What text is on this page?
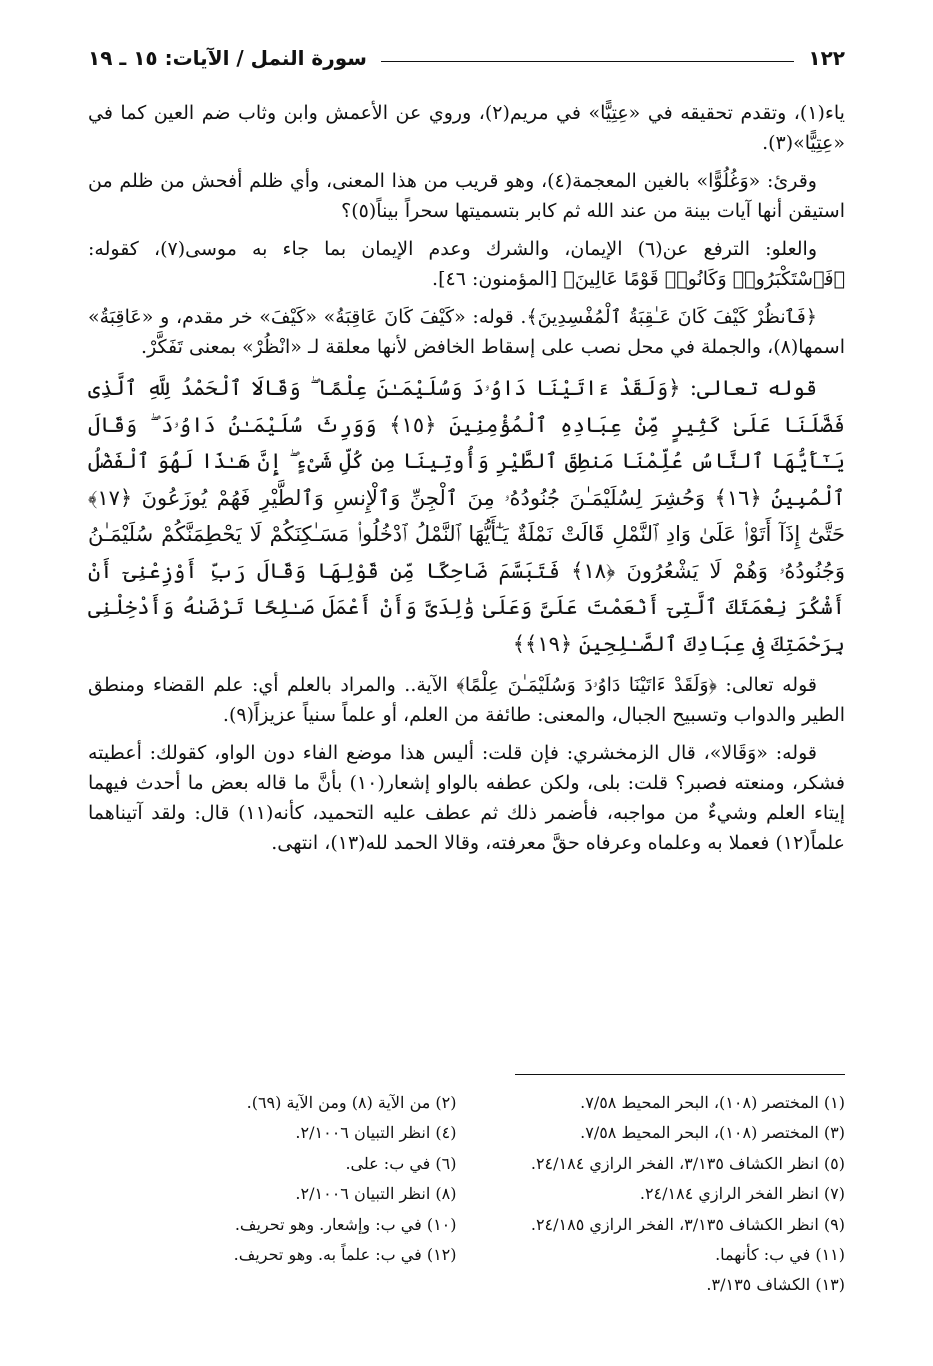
١٢٢
سورة النمل / الآيات: ١٥ ـ ١٩

ياء(١)، وتقدم تحقيقه في «عِتِيًّا» في مريم(٢)، وروي عن الأعمش وابن وثاب ضم العين كما في «عِتِيًّا»(٣).

وقرئ: «وَغُلُوًّا» بالغين المعجمة(٤)، وهو قريب من هذا المعنى، وأي ظلم أفحش من ظلم من استيقن أنها آيات بينة من عند الله ثم كابر بتسميتها سحراً بيناً(٥)؟

والعلو: الترفع عن(٦) الإيمان، والشرك وعدم الإيمان بما جاء به موسى(٧)، كقوله: ﴿فَٱسْتَكْبَرُوا۟ وَكَانُوا۟ قَوْمًا عَالِينَ﴾ [المؤمنون: ٤٦].

﴿فَٱنظُرْ كَيْفَ كَانَ عَـٰقِبَةُ ٱلْمُفْسِدِينَ﴾. قوله: «كَيْفَ كَانَ عَاقِبَةُ» «كَيْفَ» خر مقدم، و «عَاقِبَةُ» اسمها(٨)، والجملة في محل نصب على إسقاط الخافض لأنها معلقة لـ «انْظُرْ» بمعنى تَفَكَّرْ.

قوله تعالى: ﴿وَلَقَدْ ءَاتَيْنَا دَاوُۥدَ وَسُلَيْمَـٰنَ عِلْمًا ۖ وَقَالَا ٱلْحَمْدُ لِلَّهِ ٱلَّذِى فَضَّلَنَا عَلَىٰ كَثِيرٍ مِّنْ عِبَادِهِ ٱلْمُؤْمِنِينَ ﴿١٥﴾ وَوَرِثَ سُلَيْمَـٰنُ دَاوُۥدَ ۖ وَقَالَ يَـٰٓأَيُّهَا ٱلنَّاسُ عُلِّمْنَا مَنطِقَ ٱلطَّيْرِ وَأُوتِينَا مِن كُلِّ شَىْءٍ ۖ إِنَّ هَـٰذَا لَهُوَ ٱلْفَضْلُ ٱلْمُبِينُ ﴿١٦﴾ وَحُشِرَ لِسُلَيْمَـٰنَ جُنُودُهُۥ مِنَ ٱلْجِنِّ وَٱلْإِنسِ وَٱلطَّيْرِ فَهُمْ يُوزَعُونَ ﴿١٧﴾ حَتَّىٰٓ إِذَآ أَتَوْا۟ عَلَىٰ وَادِ ٱلنَّمْلِ قَالَتْ نَمْلَةٌ يَـٰٓأَيُّهَا ٱلنَّمْلُ ٱدْخُلُوا۟ مَسَـٰكِنَكُمْ لَا يَحْطِمَنَّكُمْ سُلَيْمَـٰنُ وَجُنُودُهُۥ وَهُمْ لَا يَشْعُرُونَ ﴿١٨﴾ فَتَبَسَّمَ ضَاحِكًا مِّن قَوْلِهَا وَقَالَ رَبِّ أَوْزِعْنِىٓ أَنْ أَشْكُرَ نِعْمَتَكَ ٱلَّتِىٓ أَنْعَمْتَ عَلَىَّ وَعَلَىٰ وَٰلِدَىَّ وَأَنْ أَعْمَلَ صَـٰلِحًا تَرْضَىٰهُ وَأَدْخِلْنِى بِرَحْمَتِكَ فِى عِبَادِكَ ٱلصَّـٰلِحِينَ ﴿١٩﴾﴾

قوله تعالى: ﴿وَلَقَدْ ءَاتَيْنَا دَاوُۥدَ وَسُلَيْمَـٰنَ عِلْمًا﴾ الآية.. والمراد بالعلم أي: علم القضاء ومنطق الطير والدواب وتسبيح الجبال، والمعنى: طائفة من العلم، أو علماً سنياً عزيزاً(٩).

قوله: «وَقَالا»، قال الزمخشري: فإن قلت: أليس هذا موضع الفاء دون الواو، كقولك: أعطيته فشكر، ومنعته فصبر؟ قلت: بلى، ولكن عطفه بالواو إشعار(١٠) بأنَّ ما قاله بعض ما أحدث فيهما إيتاء العلم وشيءٌ من مواجبه، فأضمر ذلك ثم عطف عليه التحميد، كأنه(١١) قال: ولقد آتيناهما علماً(١٢) فعملا به وعلماه وعرفاه حقَّ معرفته، وقالا الحمد لله(١٣)، انتهى.

(١) المختصر (١٠٨)، البحر المحيط ٧/٥٨.
(٢) من الآية (٨) ومن الآية (٦٩).
(٣) المختصر (١٠٨)، البحر المحيط ٧/٥٨.
(٤) انظر التبيان ٢/١٠٠٦.
(٥) انظر الكشاف ٣/١٣٥، الفخر الرازي ٢٤/١٨٤.
(٦) في ب: على.
(٧) انظر الفخر الرازي ٢٤/١٨٤.
(٨) انظر التبيان ٢/١٠٠٦.
(٩) انظر الكشاف ٣/١٣٥، الفخر الرازي ٢٤/١٨٥.
(١٠) في ب: وإشعار. وهو تحريف.
(١١) في ب: كأنهما.
(١٢) في ب: علماً به. وهو تحريف.
(١٣) الكشاف ٣/١٣٥.
